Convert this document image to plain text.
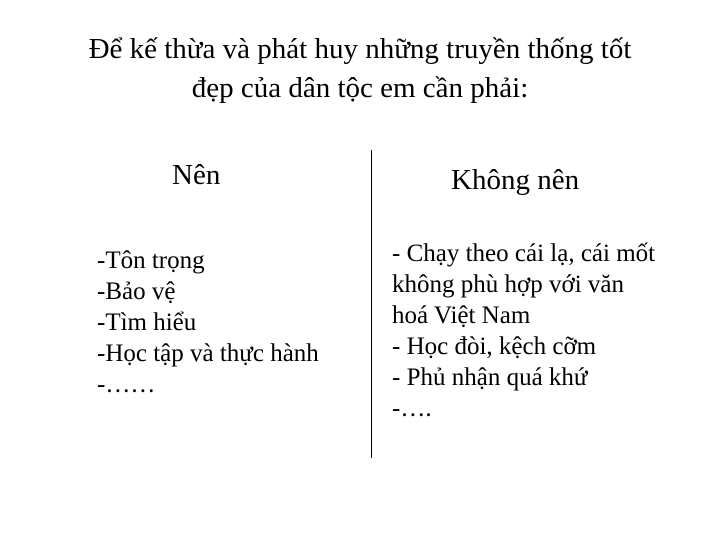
Để kế thừa và phát huy những truyền thống tốt
đẹp của dân tộc em cần phải:
Nên	Không nên
-Tôn trọng
-Bảo vệ
-Tìm hiểu
-Học tập và thực hành
-……
- Chạy theo cái lạ, cái mốt
không phù hợp với văn
hoá Việt Nam
- Học đòi, kệch cỡm
- Phủ nhận quá khứ
-….
